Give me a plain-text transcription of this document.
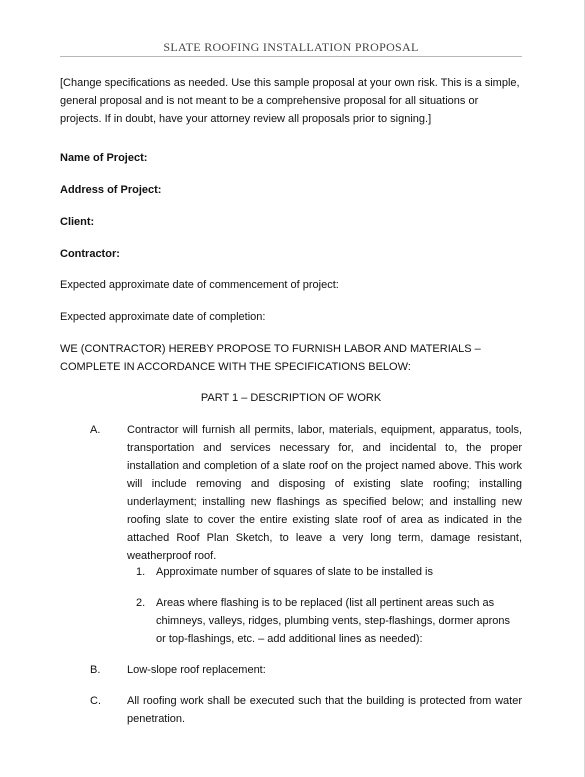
SLATE ROOFING INSTALLATION PROPOSAL
[Change specifications as needed. Use this sample proposal at your own risk. This is a simple, general proposal and is not meant to be a comprehensive proposal for all situations or projects. If in doubt, have your attorney review all proposals prior to signing.]
Name of Project:
Address of Project:
Client:
Contractor:
Expected approximate date of commencement of project:
Expected approximate date of completion:
WE (CONTRACTOR) HEREBY PROPOSE TO FURNISH LABOR AND MATERIALS – COMPLETE IN ACCORDANCE WITH THE SPECIFICATIONS BELOW:
PART 1 – DESCRIPTION OF WORK
A. Contractor will furnish all permits, labor, materials, equipment, apparatus, tools, transportation and services necessary for, and incidental to, the proper installation and completion of a slate roof on the project named above. This work will include removing and disposing of existing slate roofing; installing underlayment; installing new flashings as specified below; and installing new roofing slate to cover the entire existing slate roof of area as indicated in the attached Roof Plan Sketch, to leave a very long term, damage resistant, weatherproof roof.
1. Approximate number of squares of slate to be installed is
2. Areas where flashing is to be replaced (list all pertinent areas such as chimneys, valleys, ridges, plumbing vents, step-flashings, dormer aprons or top-flashings, etc. – add additional lines as needed):
B. Low-slope roof replacement:
C. All roofing work shall be executed such that the building is protected from water penetration.
